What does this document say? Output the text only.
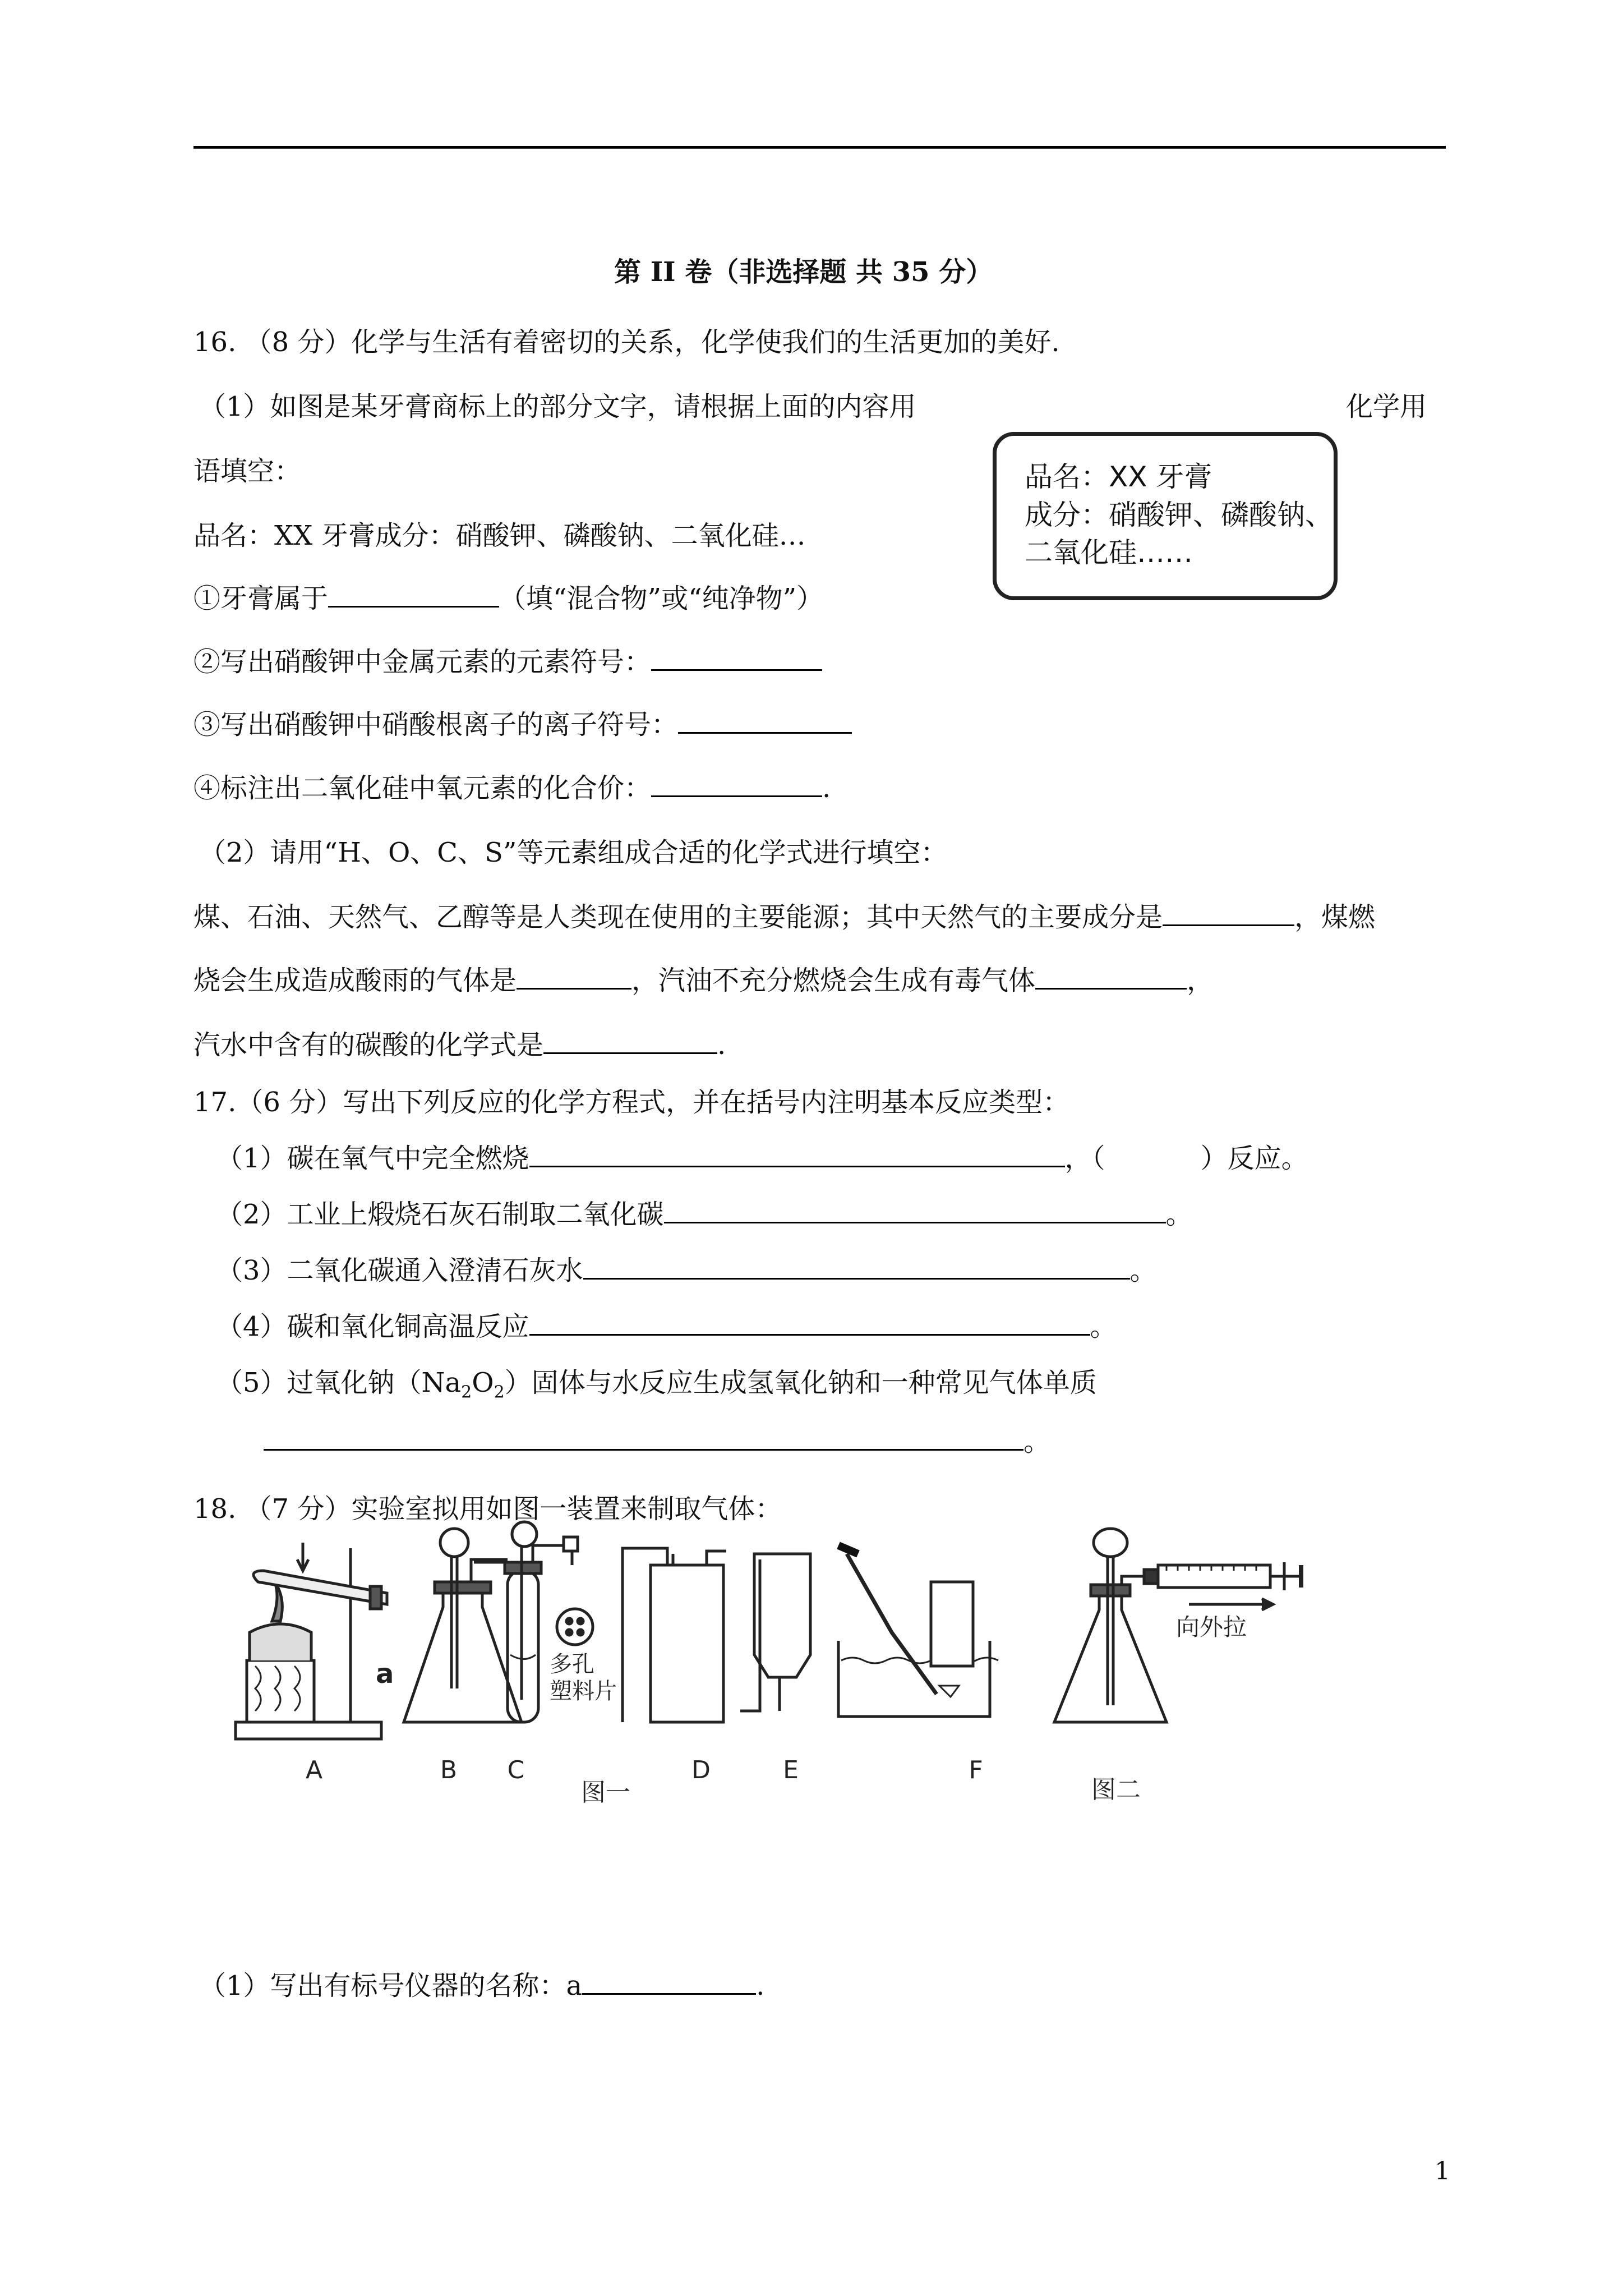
第 II 卷（非选择题 共 35 分）
16. （8 分）化学与生活有着密切的关系，化学使我们的生活更加的美好.
（1）如图是某牙膏商标上的部分文字，请根据上面的内容用	化学用
语填空：	品名：XX 牙膏
成分：硝酸钾、磷酸钠、
二氧化硅……
品名：XX 牙膏成分：硝酸钾、磷酸钠、二氧化硅…
①牙膏属于	（填“混合物”或“纯净物”）
②写出硝酸钾中金属元素的元素符号：
③写出硝酸钾中硝酸根离子的离子符号：
④标注出二氧化硅中氧元素的化合价：	.
（2）请用“H、O、C、S”等元素组成合适的化学式进行填空：
煤、石油、天然气、乙醇等是人类现在使用的主要能源；其中天然气的主要成分是	，煤燃
烧会生成造成酸雨的气体是	，汽油不充分燃烧会生成有毒气体	，
汽水中含有的碳酸的化学式是	.
17.（6 分）写出下列反应的化学方程式，并在括号内注明基本反应类型：
（1）碳在氧气中完全燃烧	，（	）反应。
（2）工业上煅烧石灰石制取二氧化碳	。
（3）二氧化碳通入澄清石灰水	。
（4）碳和氧化铜高温反应	。
（5）过氧化钠$(Na_2O_2)$固体与水反应生成氢氧化钠和一种常见气体单质
。
18. （7 分）实验室拟用如图一装置来制取气体：
A	B C	D	E	F
图一	图二
a	多孔
塑料片
向外拉
（1）写出有标号仪器的名称：a	.
1
